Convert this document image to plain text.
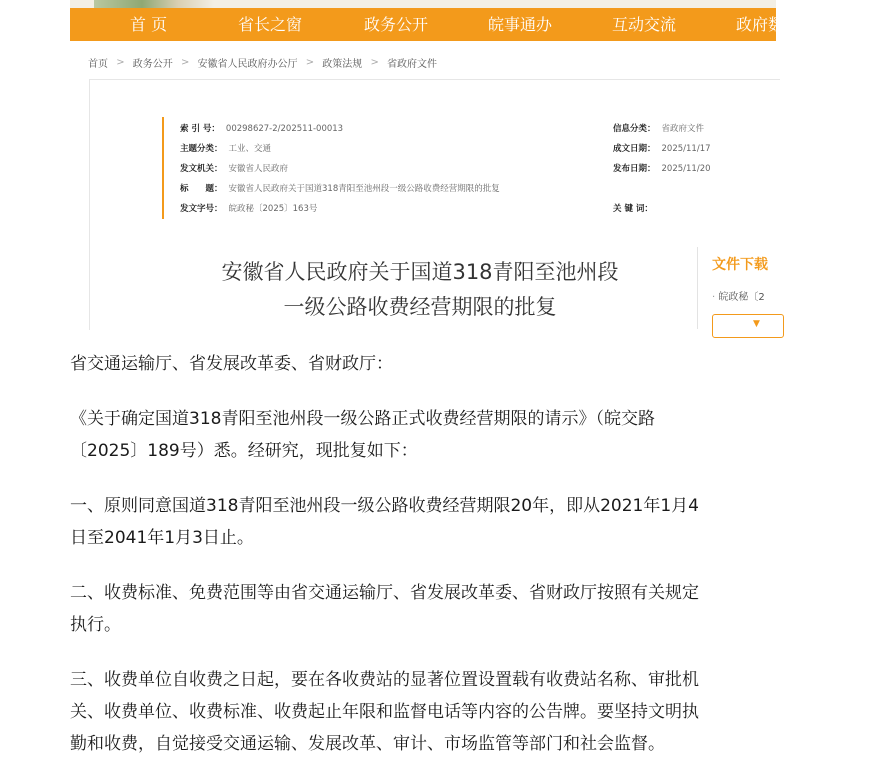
首 页	省长之窗	政务公开	皖事通办	互动交流	政府数
首页 > 政务公开 > 安徽省人民政府办公厅 > 政策法规 > 省政府文件
索 引 号： 00298627-2/202511-00013	信息分类： 省政府文件
主题分类： 工业、交通	成文日期： 2025/11/17
发文机关： 安徽省人民政府	发布日期： 2025/11/20
标　　题： 安徽省人民政府关于国道318青阳至池州段一级公路收费经营期限的批复
发文字号： 皖政秘〔2025〕163号	关 键 词：
安徽省人民政府关于国道318青阳至池州段
一级公路收费经营期限的批复
文件下载
· 皖政秘〔2
▼
省交通运输厅、省发展改革委、省财政厅：
《关于确定国道318青阳至池州段一级公路正式收费经营期限的请示》（皖交路
〔2025〕189号）悉。经研究，现批复如下：
一、原则同意国道318青阳至池州段一级公路收费经营期限20年，即从2021年1月4
日至2041年1月3日止。
二、收费标准、免费范围等由省交通运输厅、省发展改革委、省财政厅按照有关规定
执行。
三、收费单位自收费之日起，要在各收费站的显著位置设置载有收费站名称、审批机
关、收费单位、收费标准、收费起止年限和监督电话等内容的公告牌。要坚持文明执
勤和收费，自觉接受交通运输、发展改革、审计、市场监管等部门和社会监督。
